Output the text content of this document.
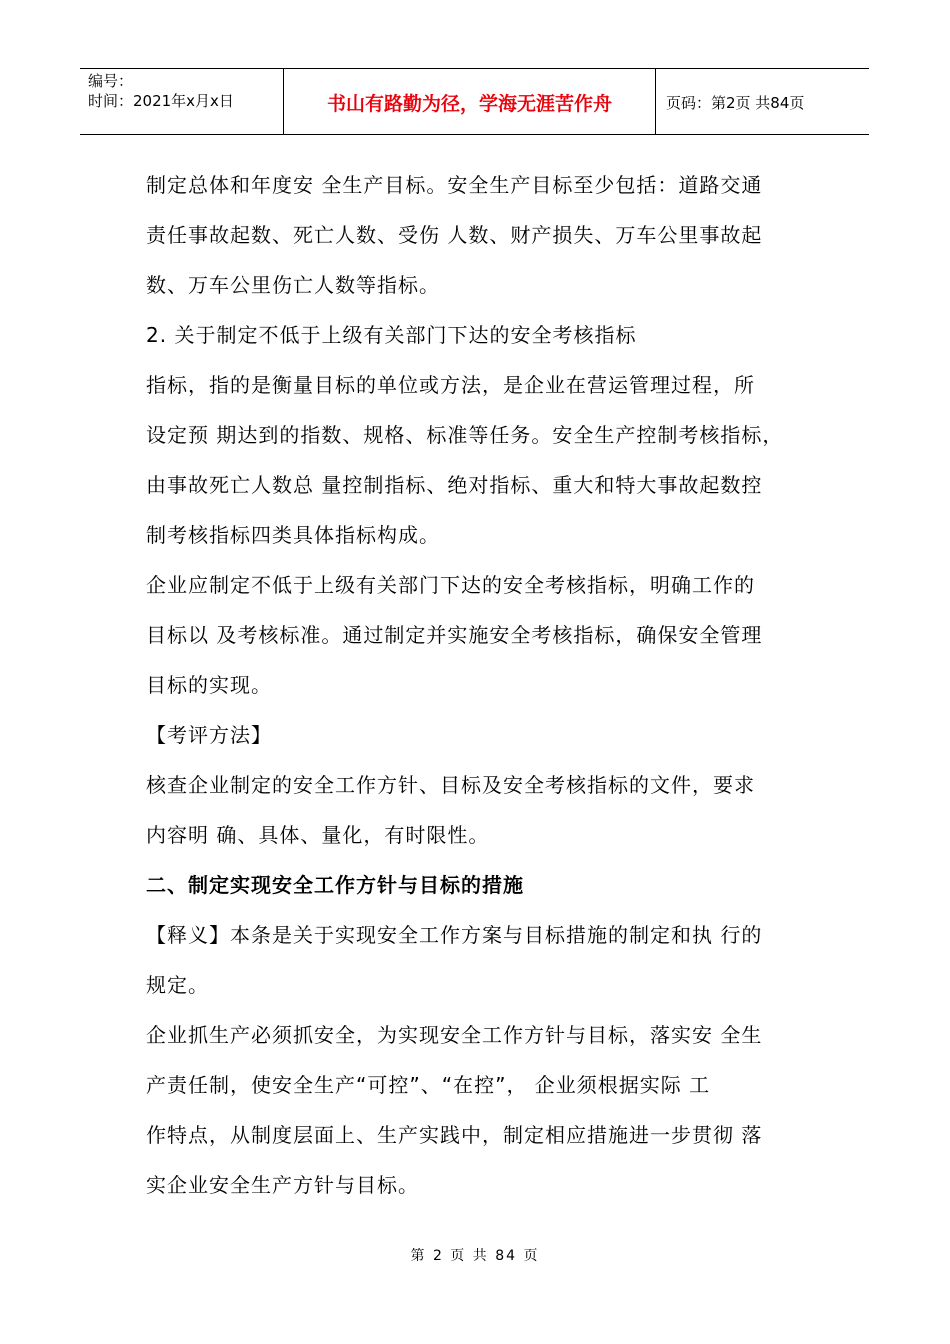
编号：
时间：2021年x月x日	书山有路勤为径，学海无涯苦作舟	页码：第2页 共84页
制定总体和年度安 全生产目标。安全生产目标至少包括：道路交通
责任事故起数、死亡人数、受伤 人数、财产损失、万车公里事故起
数、万车公里伤亡人数等指标。
2. 关于制定不低于上级有关部门下达的安全考核指标
指标，指的是衡量目标的单位或方法，是企业在营运管理过程，所
设定预 期达到的指数、规格、标准等任务。安全生产控制考核指标，
由事故死亡人数总 量控制指标、绝对指标、重大和特大事故起数控
制考核指标四类具体指标构成。
企业应制定不低于上级有关部门下达的安全考核指标，明确工作的
目标以 及考核标准。通过制定并实施安全考核指标，确保安全管理
目标的实现。
【考评方法】
核查企业制定的安全工作方针、目标及安全考核指标的文件，要求
内容明 确、具体、量化，有时限性。
二、制定实现安全工作方针与目标的措施
【释义】本条是关于实现安全工作方案与目标措施的制定和执 行的
规定。
企业抓生产必须抓安全，为实现安全工作方针与目标，落实安 全生
产责任制，使安全生产“可控”、“在控”， 企业须根据实际 工
作特点，从制度层面上、生产实践中，制定相应措施进一步贯彻 落
实企业安全生产方针与目标。
第 2 页 共 84 页
